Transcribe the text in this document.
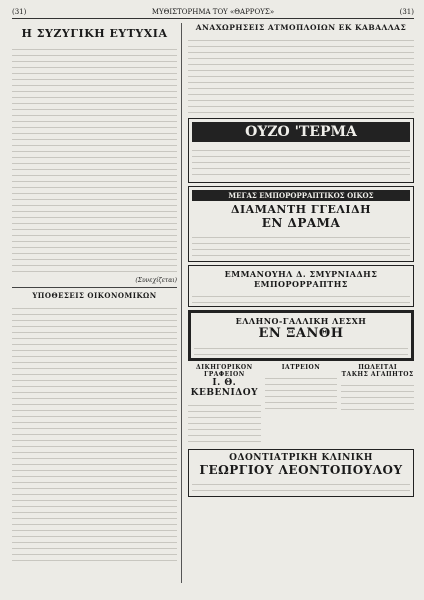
(31)	ΜΥΘΙΣΤΟΡΗΜΑ ΤΟΥ «ΘΑΡΡΟΥΣ»	(31)
Η ΣΥΖΥΓΙΚΗ ΕΥΤΥΧΙΑ
(Συνεχίζεται)
ΥΠΟΘΕΣΕΙΣ ΟΙΚΟΝΟΜΙΚΩΝ
ΑΝΑΧΩΡΗΣΕΙΣ ΑΤΜΟΠΛΟΙΩΝ ΕΚ ΚΑΒΑΛΛΑΣ
ΟΥΖΟ 'ΤΕΡΜΑ
ΜΕΓΑΣ ΕΜΠΟΡΟΡΡΑΠΤΙΚΟΣ ΟΙΚΟΣ
ΔΙΑΜΑΝΤΗ ΓΓΕΛΙΔΗ
ΕΝ ΔΡΑΜΑ
ΕΜΜΑΝΟΥΗΛ Δ. ΣΜΥΡΝΙΑΔΗΣ
ΕΜΠΟΡΟΡΡΑΠΤΗΣ
ΕΛΛΗΝΟ-ΓΑΛΛΙΚΗ ΛΕΣΧΗ
ΕΝ ΞΑΝΘΗ
ΔΙΚΗΓΟΡΙΚΟΝ ΓΡΑΦΕΙΟΝ
Ι. Θ. ΚΕΒΕΝΙΔΟΥ
ΙΑΤΡΕΙΟΝ	ΠΩΛΕΙΤΑΙ
ΤΑΚΗΣ ΑΓΑΠΗΤΟΣ
ΟΔΟΝΤΙΑΤΡΙΚΗ ΚΛΙΝΙΚΗ
ΓΕΩΡΓΙΟΥ ΛΕΟΝΤΟΠΟΥΛΟΥ
